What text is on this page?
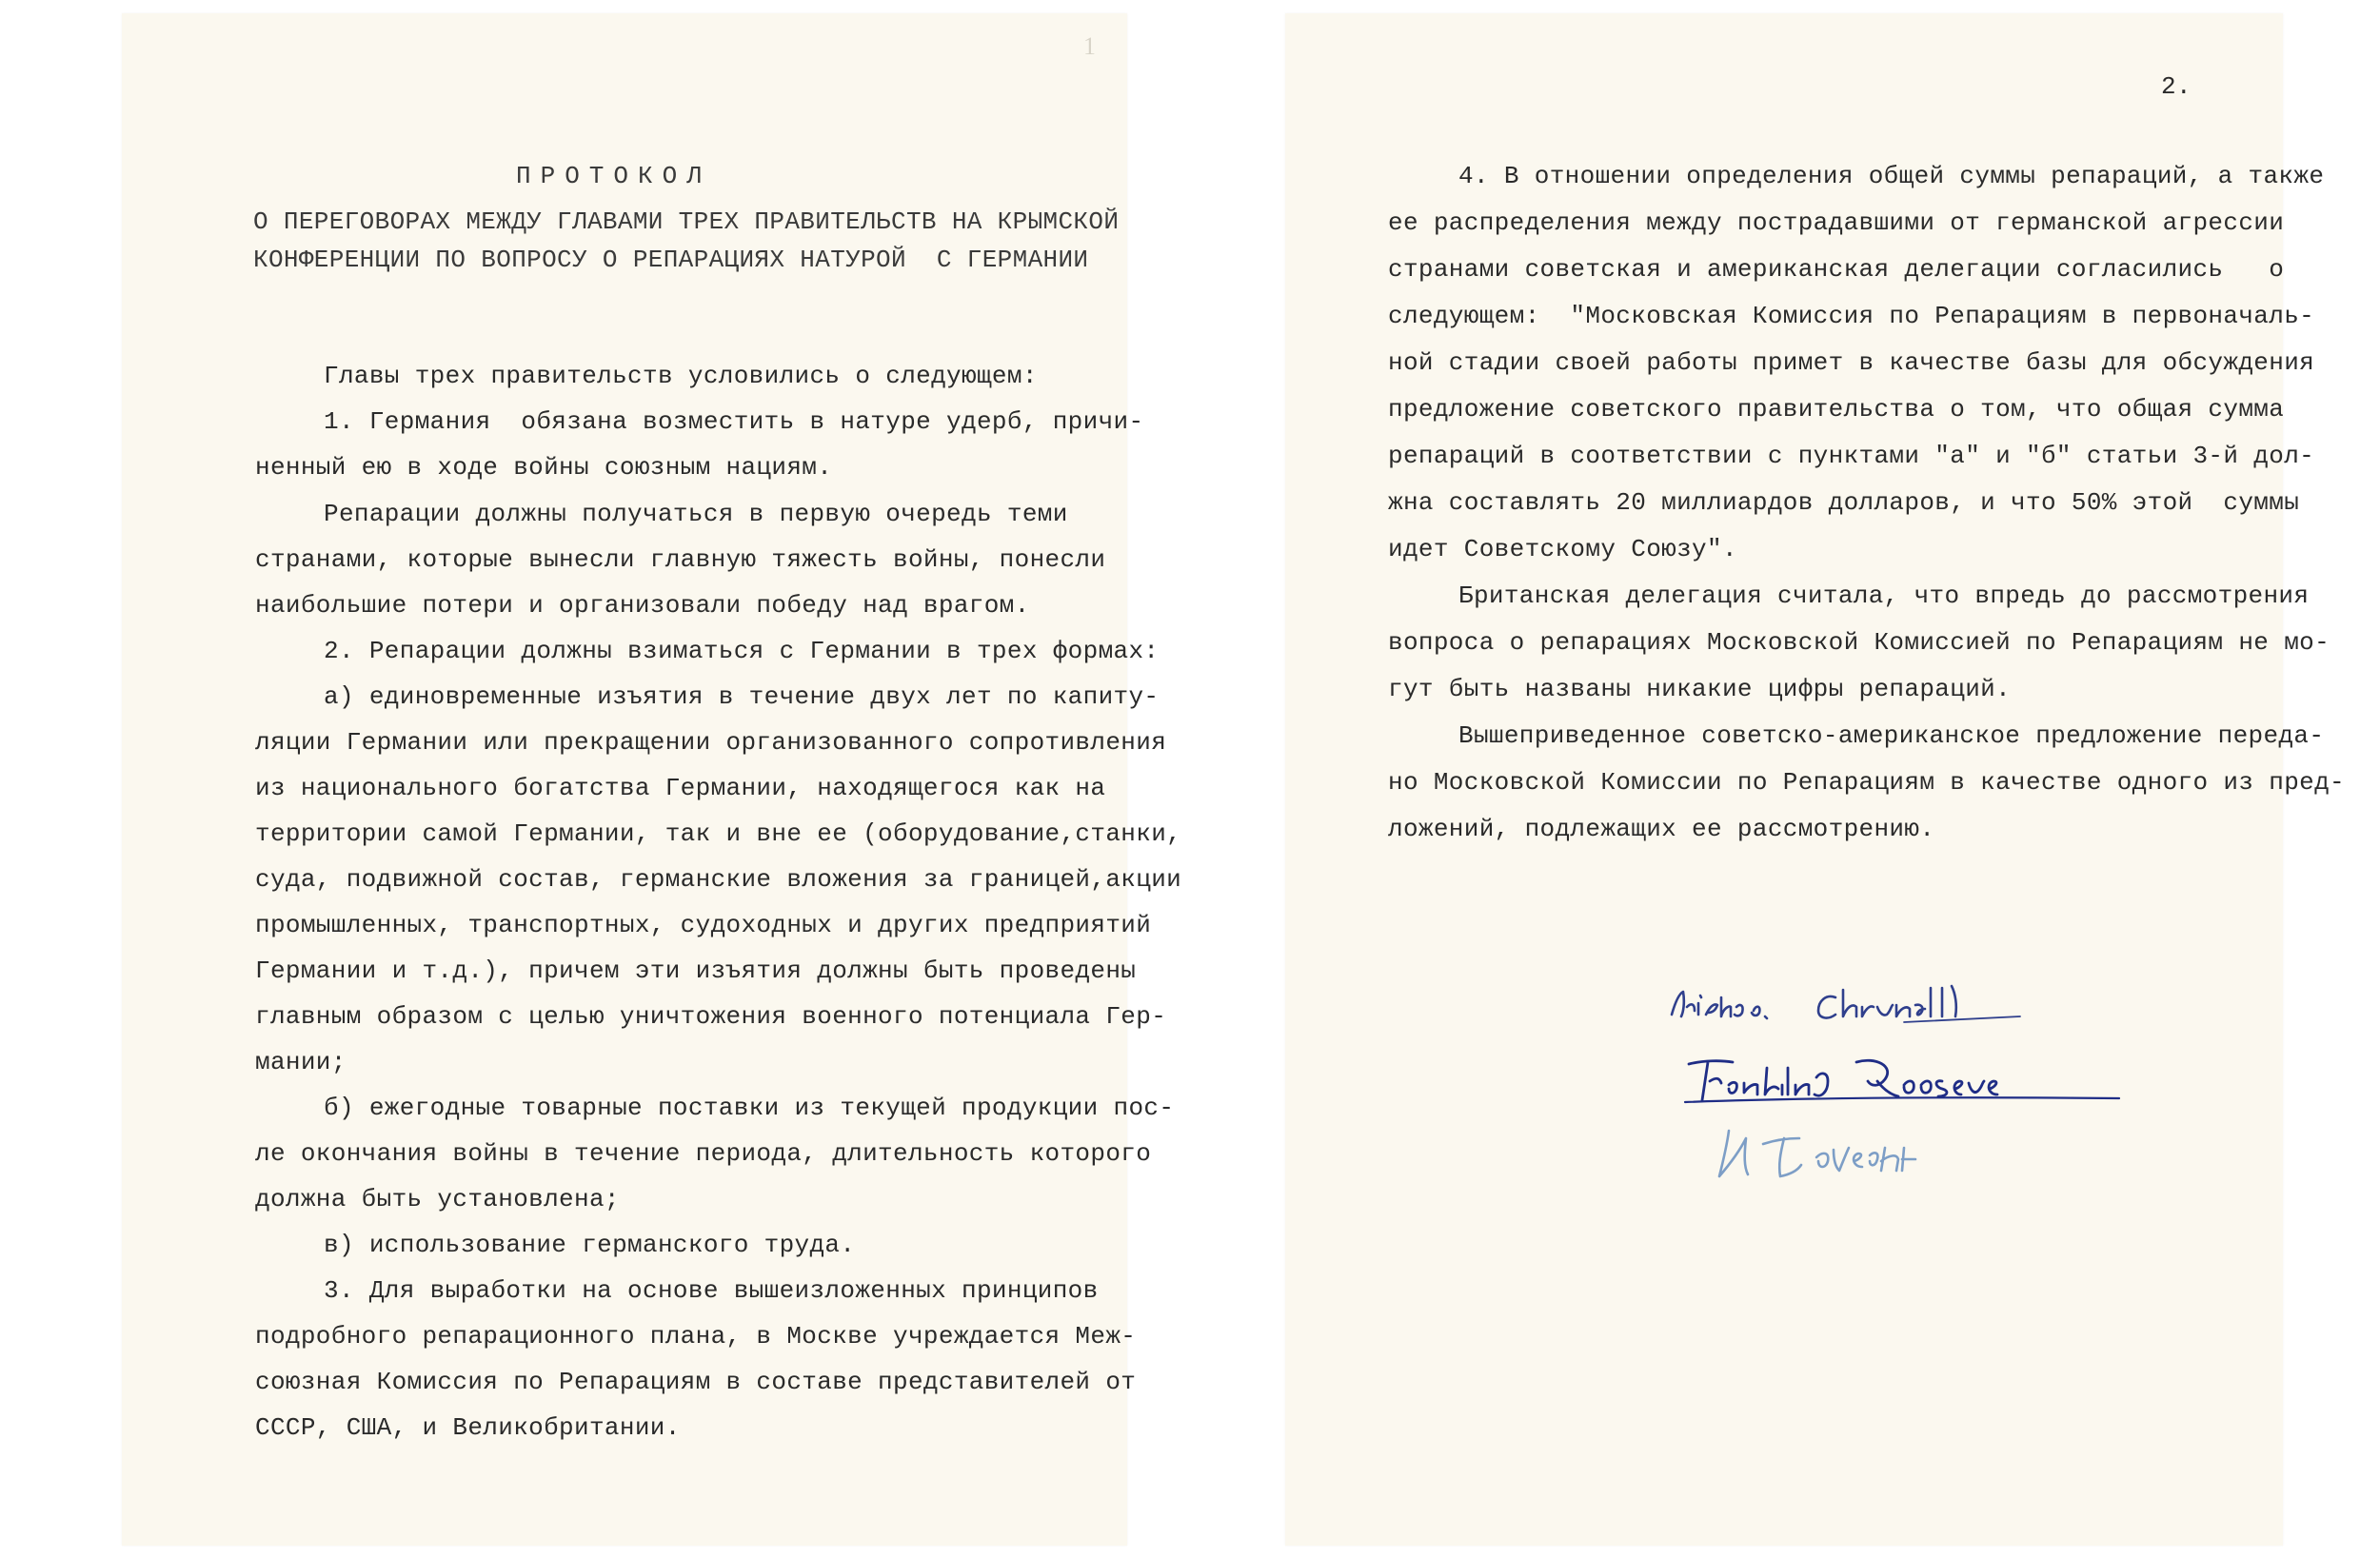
1
ПРОТОКОЛ
О ПЕРЕГОВОРАХ МЕЖДУ ГЛАВАМИ ТРЕХ ПРАВИТЕЛЬСТВ НА КРЫМСКОЙ
КОНФЕРЕНЦИИ ПО ВОПРОСУ О РЕПАРАЦИЯХ НАТУРОЙ  С ГЕРМАНИИ
Главы трех правительств условились о следующем:
1. Германия  обязана возместить в натуре удерб, причи-
ненный ею в ходе войны союзным нациям.
Репарации должны получаться в первую очередь теми
странами, которые вынесли главную тяжесть войны, понесли
наибольшие потери и организовали победу над врагом.
2. Репарации должны взиматься с Германии в трех формах:
а) единовременные изъятия в течение двух лет по капиту-
ляции Германии или прекращении организованного сопротивления
из национального богатства Германии, находящегося как на
территории самой Германии, так и вне ее (оборудование,станки,
суда, подвижной состав, германские вложения за границей,акции
промышленных, транспортных, судоходных и других предприятий
Германии и т.д.), причем эти изъятия должны быть проведены
главным образом с целью уничтожения военного потенциала Гер-
мании;
б) ежегодные товарные поставки из текущей продукции пос-
ле окончания войны в течение периода, длительность которого
должна быть установлена;
в) использование германского труда.
3. Для выработки на основе вышеизложенных принципов
подробного репарационного плана, в Москве учреждается Меж-
союзная Комиссия по Репарациям в составе представителей от
СССР, США, и Великобритании.
2.
4. В отношении определения общей суммы репараций, а также
ее распределения между пострадавшими от германской агрессии
странами советская и американская делегации согласились   о
следующем:  "Московская Комиссия по Репарациям в первоначаль-
ной стадии своей работы примет в качестве базы для обсуждения
предложение советского правительства о том, что общая сумма
репараций в соответствии с пунктами "а" и "б" статьи 3-й дол-
жна составлять 20 миллиардов долларов, и что 50% этой  суммы
идет Советскому Союзу".
Британская делегация считала, что впредь до рассмотрения
вопроса о репарациях Московской Комиссией по Репарациям не мо-
гут быть названы никакие цифры репараций.
Вышеприведенное советско-американское предложение переда-
но Московской Комиссии по Репарациям в качестве одного из пред-
ложений, подлежащих ее рассмотрению.
